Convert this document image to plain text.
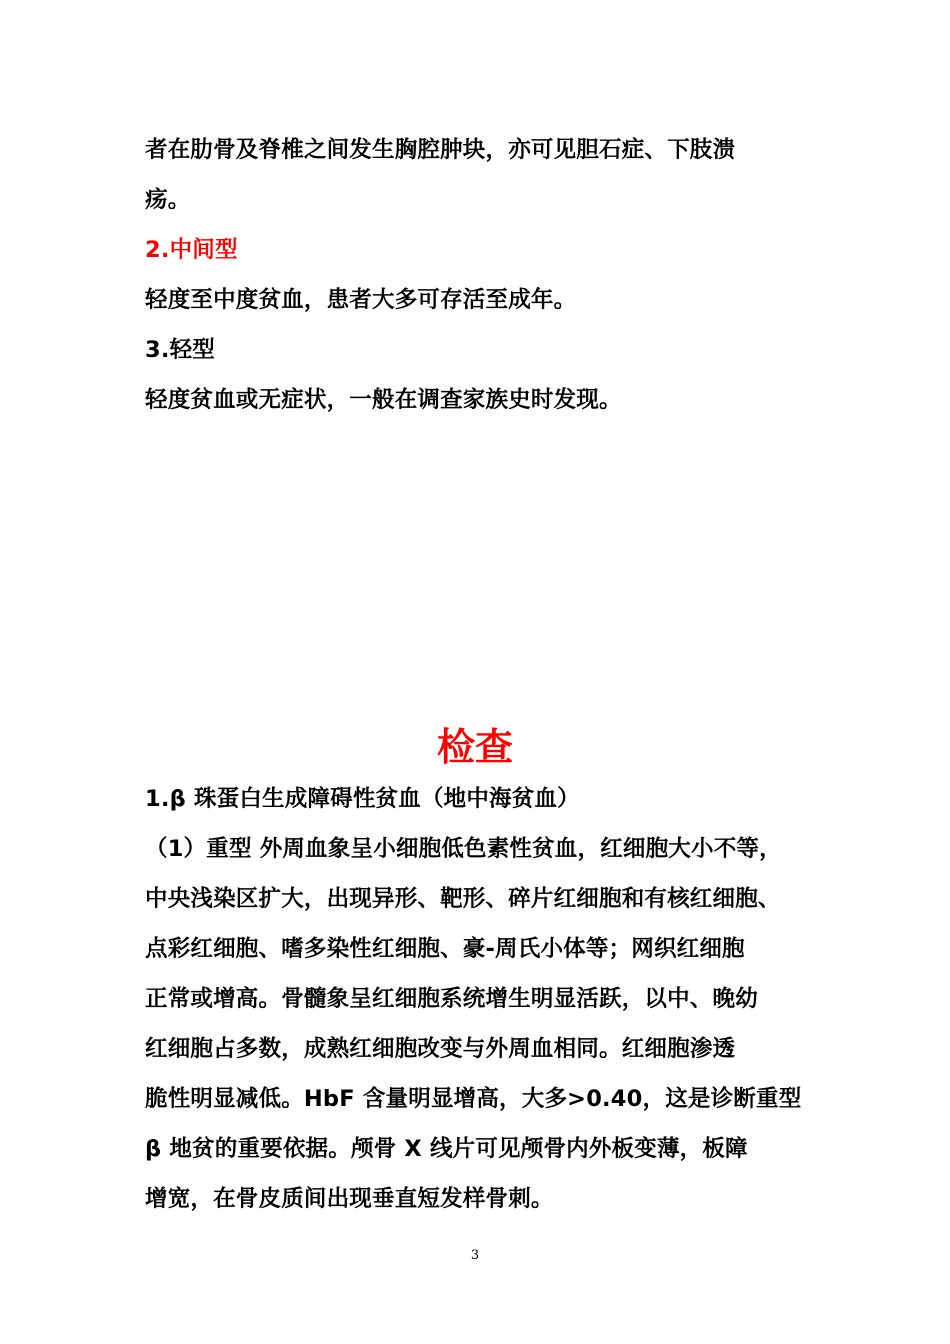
者在肋骨及脊椎之间发生胸腔肿块，亦可见胆石症、下肢溃
疡。
2.中间型
轻度至中度贫血，患者大多可存活至成年。
3.轻型
轻度贫血或无症状，一般在调查家族史时发现。
检查
1.β 珠蛋白生成障碍性贫血（地中海贫血）
（1）重型 外周血象呈小细胞低色素性贫血，红细胞大小不等，
中央浅染区扩大，出现异形、靶形、碎片红细胞和有核红细胞、
点彩红细胞、嗜多染性红细胞、豪-周氏小体等；网织红细胞
正常或增高。骨髓象呈红细胞系统增生明显活跃，以中、晚幼
红细胞占多数，成熟红细胞改变与外周血相同。红细胞渗透
脆性明显减低。HbF 含量明显增高，大多>0.40，这是诊断重型
β 地贫的重要依据。颅骨 X 线片可见颅骨内外板变薄，板障
增宽，在骨皮质间出现垂直短发样骨刺。
3
